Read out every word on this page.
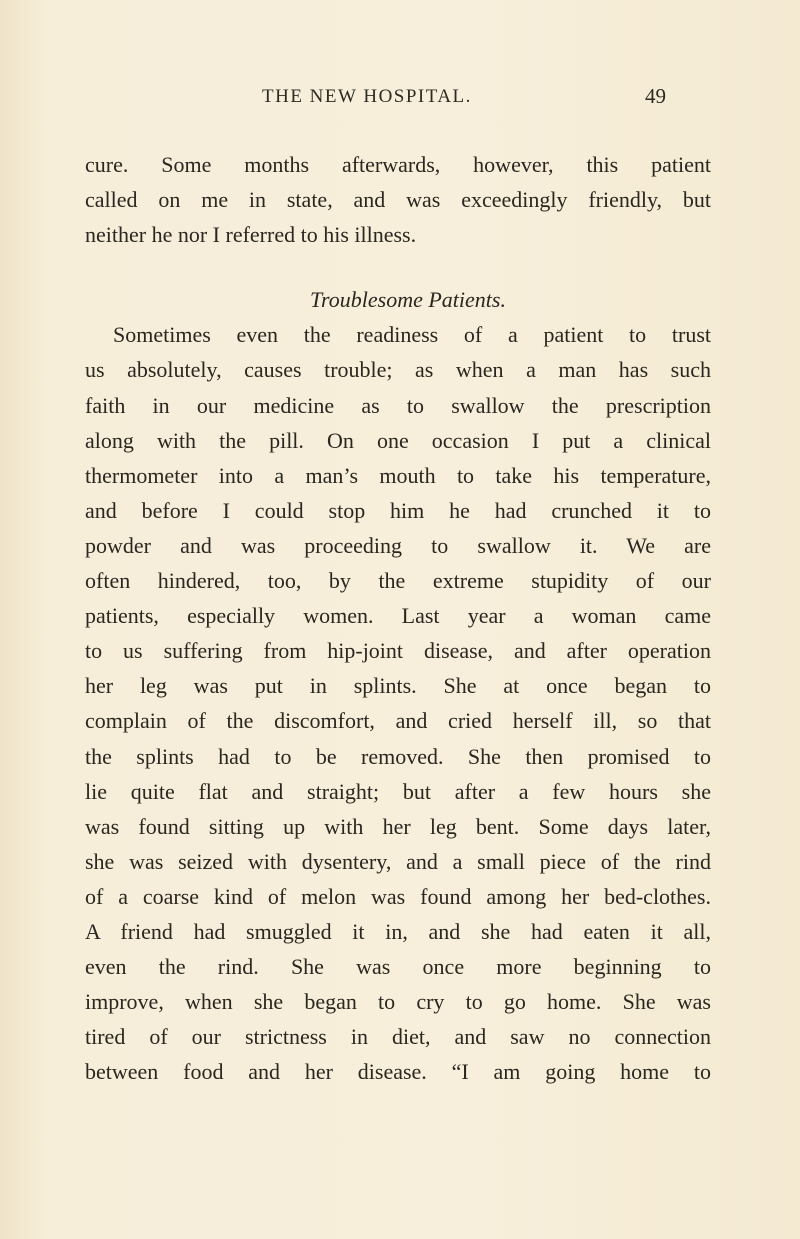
THE NEW HOSPITAL.	49
cure. Some months afterwards, however, this patient
called on me in state, and was exceedingly friendly, but
neither he nor I referred to his illness.
Troublesome Patients.
Sometimes even the readiness of a patient to trust
us absolutely, causes trouble; as when a man has such
faith in our medicine as to swallow the prescription
along with the pill. On one occasion I put a clinical
thermometer into a man’s mouth to take his temperature,
and before I could stop him he had crunched it to
powder and was proceeding to swallow it. We are
often hindered, too, by the extreme stupidity of our
patients, especially women. Last year a woman came
to us suffering from hip-joint disease, and after operation
her leg was put in splints. She at once began to
complain of the discomfort, and cried herself ill, so that
the splints had to be removed. She then promised to
lie quite flat and straight; but after a few hours she
was found sitting up with her leg bent. Some days later,
she was seized with dysentery, and a small piece of the rind
of a coarse kind of melon was found among her bed-clothes.
A friend had smuggled it in, and she had eaten it all,
even the rind. She was once more beginning to
improve, when she began to cry to go home. She was
tired of our strictness in diet, and saw no connection
between food and her disease. “I am going home to
